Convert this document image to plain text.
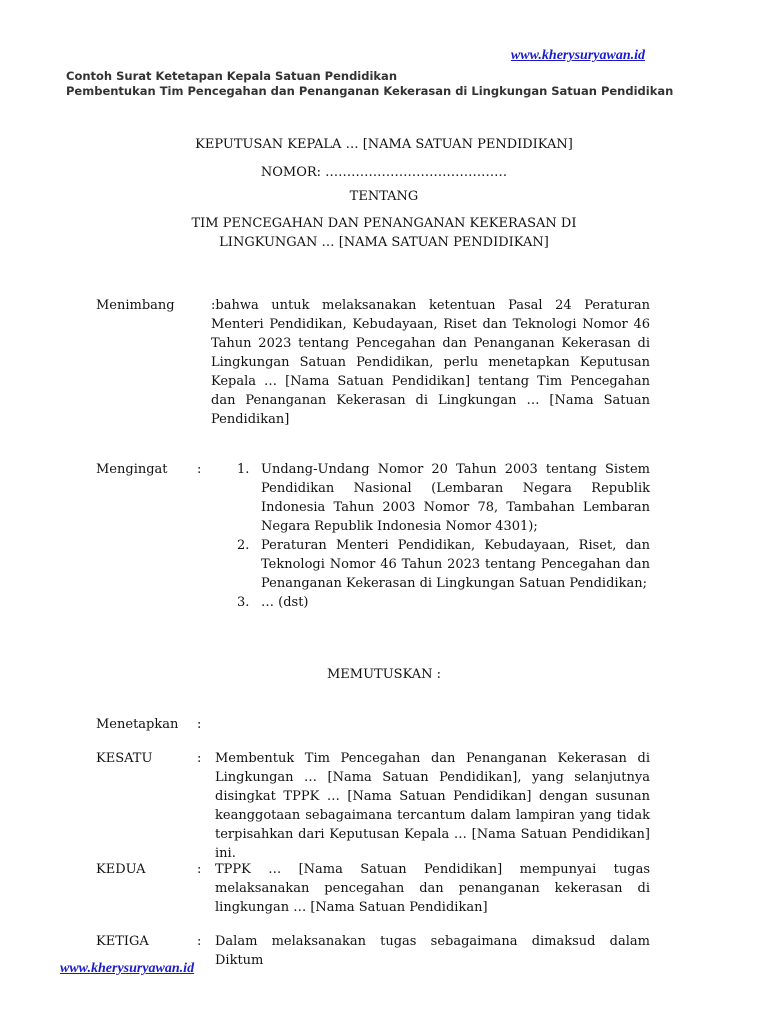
www.kherysuryawan.id
Contoh Surat Ketetapan Kepala Satuan Pendidikan
Pembentukan Tim Pencegahan dan Penanganan Kekerasan di Lingkungan Satuan Pendidikan
KEPUTUSAN KEPALA … [NAMA SATUAN PENDIDIKAN]
NOMOR: ……………………………………
TENTANG
TIM PENCEGAHAN DAN PENANGANAN KEKERASAN DI LINGKUNGAN … [NAMA SATUAN PENDIDIKAN]
Menimbang	:bahwa untuk melaksanakan ketentuan Pasal 24 Peraturan Menteri Pendidikan, Kebudayaan, Riset dan Teknologi Nomor 46 Tahun 2023 tentang Pencegahan dan Penanganan Kekerasan di Lingkungan Satuan Pendidikan, perlu menetapkan Keputusan Kepala … [Nama Satuan Pendidikan] tentang Tim Pencegahan dan Penanganan Kekerasan di Lingkungan … [Nama Satuan Pendidikan]
Mengingat :	1. Undang-Undang Nomor 20 Tahun 2003 tentang Sistem Pendidikan Nasional (Lembaran Negara Republik Indonesia Tahun 2003 Nomor 78, Tambahan Lembaran Negara Republik Indonesia Nomor 4301);
2. Peraturan Menteri Pendidikan, Kebudayaan, Riset, dan Teknologi Nomor 46 Tahun 2023 tentang Pencegahan dan Penanganan Kekerasan di Lingkungan Satuan Pendidikan;
3. … (dst)
MEMUTUSKAN :
Menetapkan :
KESATU	: Membentuk Tim Pencegahan dan Penanganan Kekerasan di Lingkungan … [Nama Satuan Pendidikan], yang selanjutnya disingkat TPPK … [Nama Satuan Pendidikan] dengan susunan keanggotaan sebagaimana tercantum dalam lampiran yang tidak terpisahkan dari Keputusan Kepala … [Nama Satuan Pendidikan] ini.
KEDUA	: TPPK … [Nama Satuan Pendidikan] mempunyai tugas melaksanakan pencegahan dan penanganan kekerasan di lingkungan … [Nama Satuan Pendidikan]
KETIGA	: Dalam melaksanakan tugas sebagaimana dimaksud dalam Diktum
www.kherysuryawan.id
